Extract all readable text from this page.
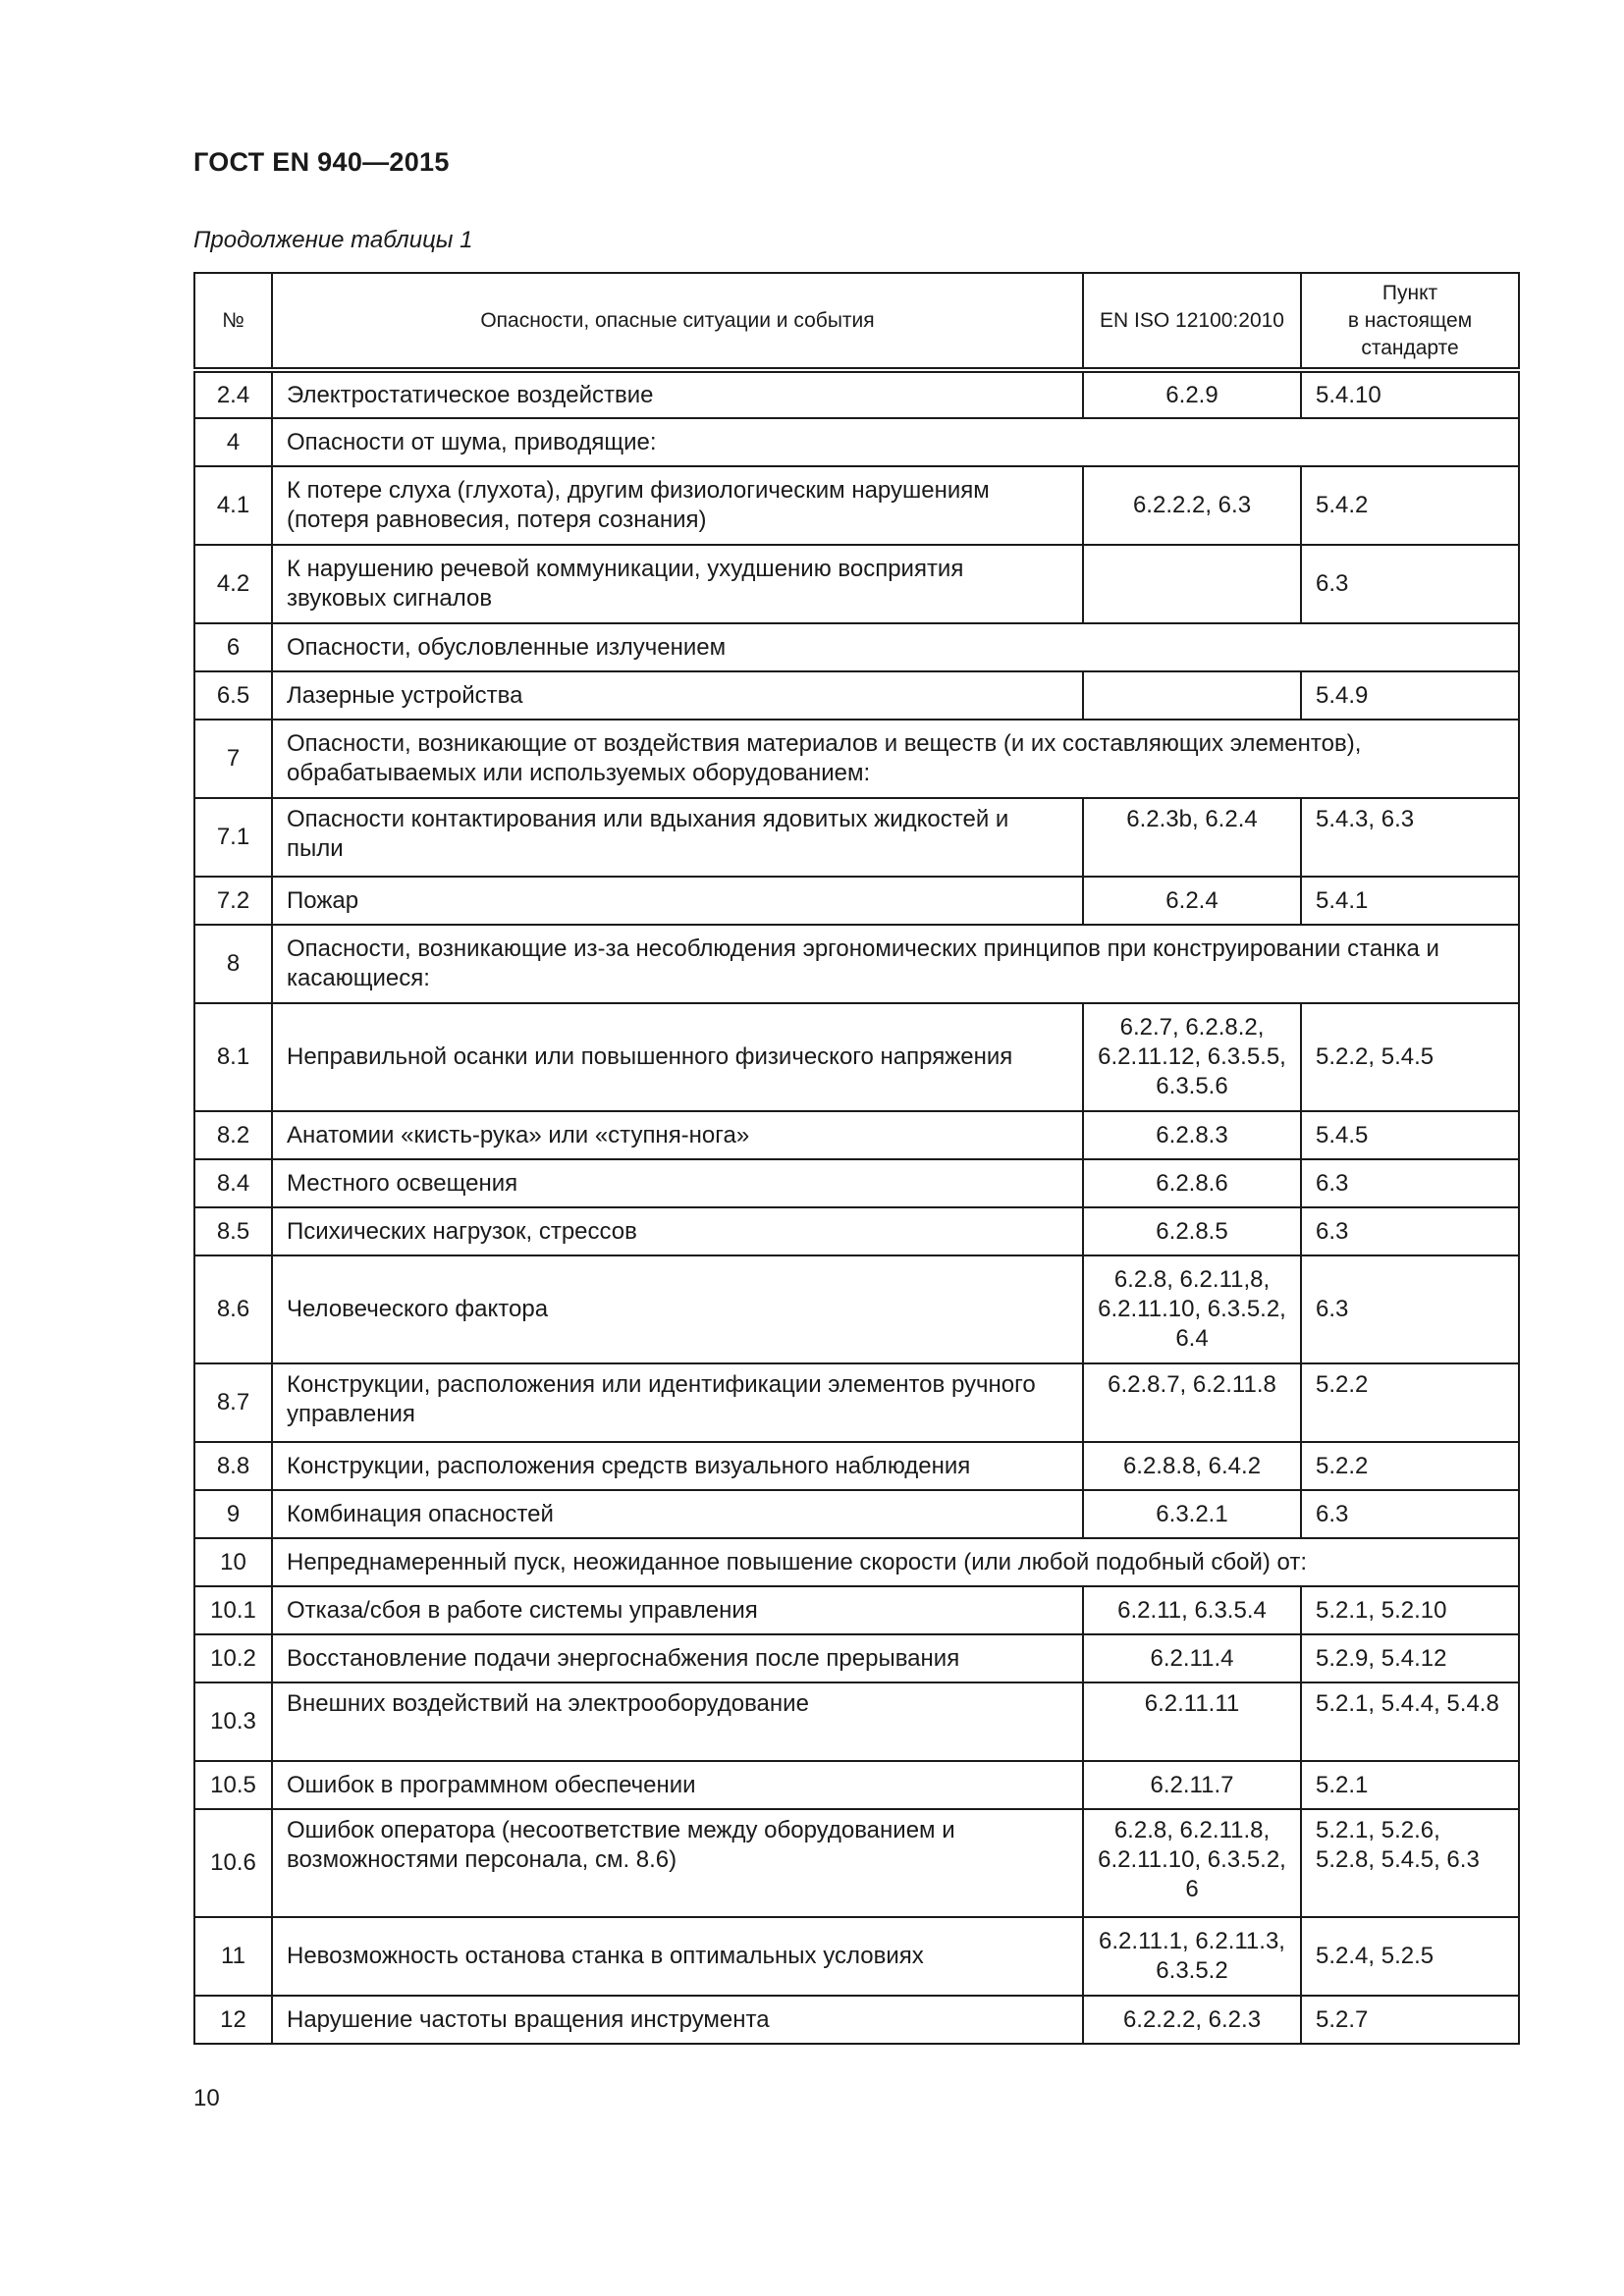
ГОСТ EN 940—2015
Продолжение таблицы 1
№	Опасности, опасные ситуации и события	EN ISO 12100:2010	Пункт
в настоящем
стандарте
2.4	Электростатическое воздействие	6.2.9	5.4.10
4	Опасности от шума, приводящие:		
4.1	К потере слуха (глухота), другим физиологическим нарушениям (потеря равновесия, потеря сознания)	6.2.2.2, 6.3	5.4.2
4.2	К нарушению речевой коммуникации, ухудшению восприятия звуковых сигналов		6.3
6	Опасности, обусловленные излучением		
6.5	Лазерные устройства		5.4.9
7	Опасности, возникающие от воздействия материалов и веществ (и их составляющих элементов), обрабатываемых или используемых оборудованием:		
7.1	Опасности контактирования или вдыхания ядовитых жидкостей и пыли	6.2.3b, 6.2.4	5.4.3, 6.3
7.2	Пожар	6.2.4	5.4.1
8	Опасности, возникающие из-за несоблюдения эргономических принципов при конструировании станка и касающиеся:		
8.1	Неправильной осанки или повышенного физического напряжения	6.2.7, 6.2.8.2, 6.2.11.12, 6.3.5.5, 6.3.5.6	5.2.2, 5.4.5
8.2	Анатомии «кисть-рука» или «ступня-нога»	6.2.8.3	5.4.5
8.4	Местного освещения	6.2.8.6	6.3
8.5	Психических нагрузок, стрессов	6.2.8.5	6.3
8.6	Человеческого фактора	6.2.8, 6.2.11,8, 6.2.11.10, 6.3.5.2, 6.4	6.3
8.7	Конструкции, расположения или идентификации элементов ручного управления	6.2.8.7, 6.2.11.8	5.2.2
8.8	Конструкции, расположения средств визуального наблюдения	6.2.8.8, 6.4.2	5.2.2
9	Комбинация опасностей	6.3.2.1	6.3
10	Непреднамеренный пуск, неожиданное повышение скорости (или любой подобный сбой) от:		
10.1	Отказа/сбоя в работе системы управления	6.2.11, 6.3.5.4	5.2.1, 5.2.10
10.2	Восстановление подачи энергоснабжения после прерывания	6.2.11.4	5.2.9, 5.4.12
10.3	Внешних воздействий на электрооборудование	6.2.11.11	5.2.1, 5.4.4, 5.4.8
10.5	Ошибок в программном обеспечении	6.2.11.7	5.2.1
10.6	Ошибок оператора (несоответствие между оборудованием и возможностями персонала, см. 8.6)	6.2.8, 6.2.11.8, 6.2.11.10, 6.3.5.2, 6	5.2.1, 5.2.6, 5.2.8, 5.4.5, 6.3
11	Невозможность останова станка в оптимальных условиях	6.2.11.1, 6.2.11.3, 6.3.5.2	5.2.4, 5.2.5
12	Нарушение частоты вращения инструмента	6.2.2.2, 6.2.3	5.2.7
10
